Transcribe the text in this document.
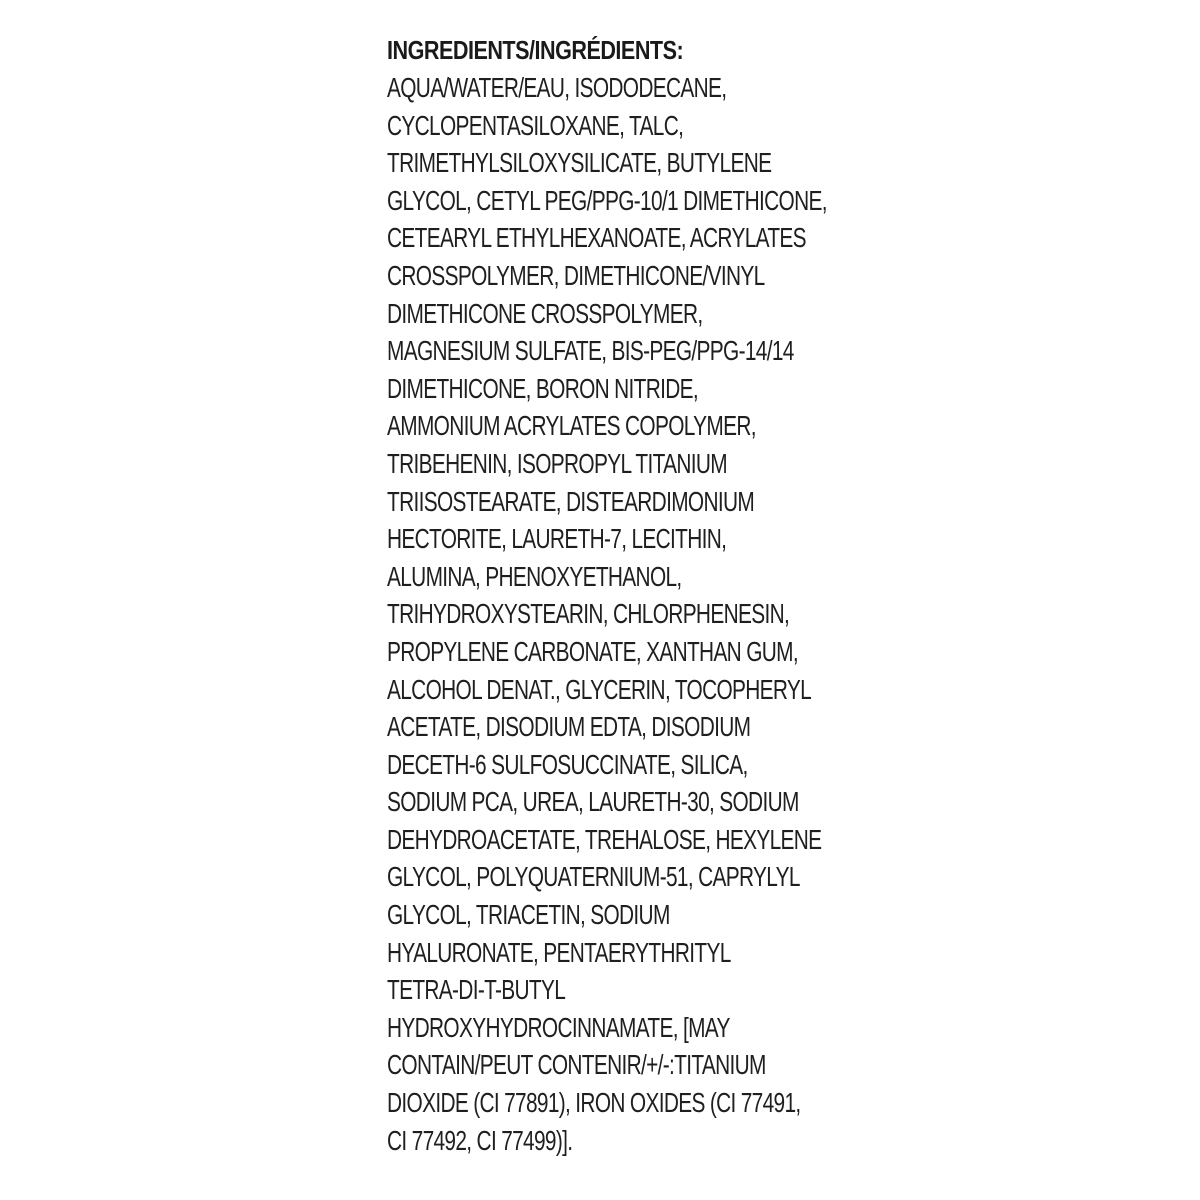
INGREDIENTS/INGRÉDIENTS:
AQUA/WATER/EAU, ISODODECANE,
CYCLOPENTASILOXANE, TALC,
TRIMETHYLSILOXYSILICATE, BUTYLENE
GLYCOL, CETYL PEG/PPG-10/1 DIMETHICONE,
CETEARYL ETHYLHEXANOATE, ACRYLATES
CROSSPOLYMER, DIMETHICONE/VINYL
DIMETHICONE CROSSPOLYMER,
MAGNESIUM SULFATE, BIS-PEG/PPG-14/14
DIMETHICONE, BORON NITRIDE,
AMMONIUM ACRYLATES COPOLYMER,
TRIBEHENIN, ISOPROPYL TITANIUM
TRIISOSTEARATE, DISTEARDIMONIUM
HECTORITE, LAURETH-7, LECITHIN,
ALUMINA, PHENOXYETHANOL,
TRIHYDROXYSTEARIN, CHLORPHENESIN,
PROPYLENE CARBONATE, XANTHAN GUM,
ALCOHOL DENAT., GLYCERIN, TOCOPHERYL
ACETATE, DISODIUM EDTA, DISODIUM
DECETH-6 SULFOSUCCINATE, SILICA,
SODIUM PCA, UREA, LAURETH-30, SODIUM
DEHYDROACETATE, TREHALOSE, HEXYLENE
GLYCOL, POLYQUATERNIUM-51, CAPRYLYL
GLYCOL, TRIACETIN, SODIUM
HYALURONATE, PENTAERYTHRITYL
TETRA-DI-T-BUTYL
HYDROXYHYDROCINNAMATE, [MAY
CONTAIN/PEUT CONTENIR/+/-:TITANIUM
DIOXIDE (CI 77891), IRON OXIDES (CI 77491,
CI 77492, CI 77499)].
